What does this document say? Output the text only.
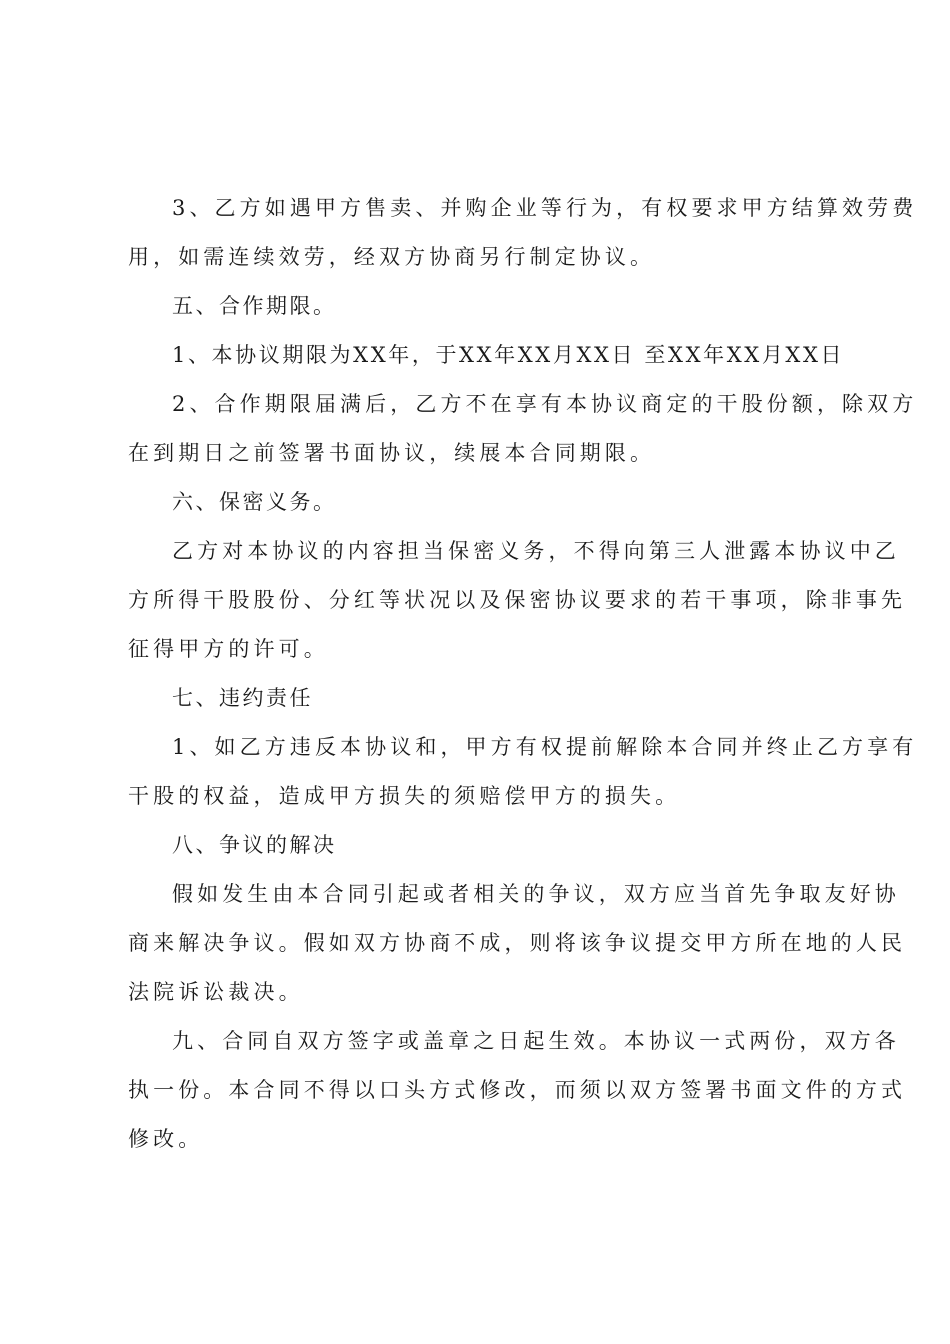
3、乙方如遇甲方售卖、并购企业等行为，有权要求甲方结算效劳费
用，如需连续效劳，经双方协商另行制定协议。
五、合作期限。
1、本协议期限为XX年，于XX年XX月XX日 至XX年XX月XX日
2、合作期限届满后，乙方不在享有本协议商定的干股份额，除双方
在到期日之前签署书面协议，续展本合同期限。
六、保密义务。
乙方对本协议的内容担当保密义务，不得向第三人泄露本协议中乙
方所得干股股份、分红等状况以及保密协议要求的若干事项，除非事先
征得甲方的许可。
七、违约责任
1、如乙方违反本协议和，甲方有权提前解除本合同并终止乙方享有
干股的权益，造成甲方损失的须赔偿甲方的损失。
八、争议的解决
假如发生由本合同引起或者相关的争议，双方应当首先争取友好协
商来解决争议。假如双方协商不成，则将该争议提交甲方所在地的人民
法院诉讼裁决。
九、合同自双方签字或盖章之日起生效。本协议一式两份，双方各
执一份。本合同不得以口头方式修改，而须以双方签署书面文件的方式
修改。
